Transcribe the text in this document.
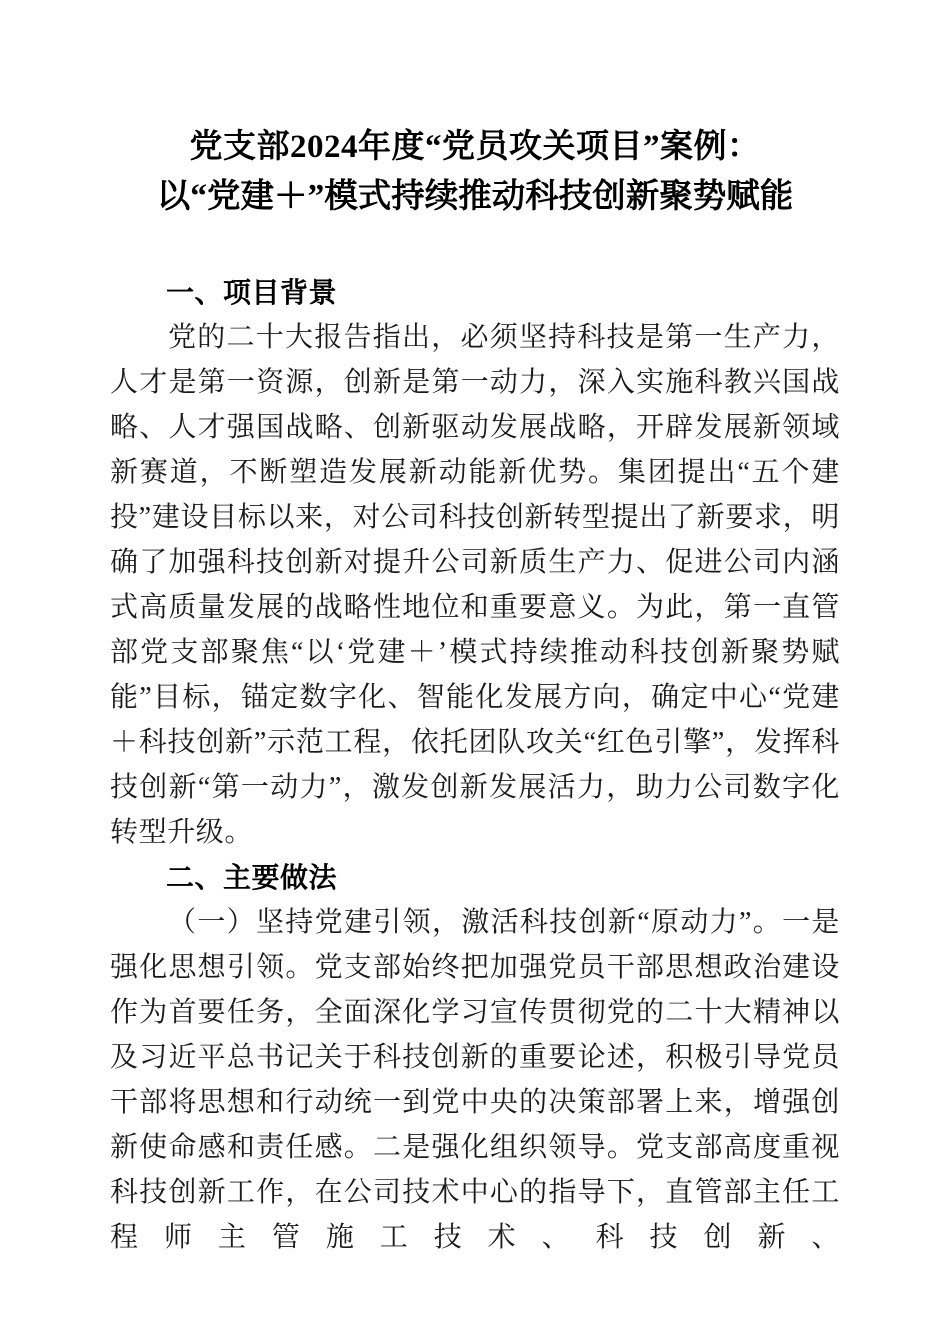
党支部2024年度“党员攻关项目”案例：
以“党建＋”模式持续推动科技创新聚势赋能
一、项目背景

党的二十大报告指出，必须坚持科技是第一生产力，人才是第一资源，创新是第一动力，深入实施科教兴国战略、人才强国战略、创新驱动发展战略，开辟发展新领域新赛道，不断塑造发展新动能新优势。集团提出“五个建投”建设目标以来，对公司科技创新转型提出了新要求，明确了加强科技创新对提升公司新质生产力、促进公司内涵式高质量发展的战略性地位和重要意义。为此，第一直管部党支部聚焦“以‘党建＋’模式持续推动科技创新聚势赋能”目标，锚定数字化、智能化发展方向，确定中心“党建＋科技创新”示范工程，依托团队攻关“红色引擎”，发挥科技创新“第一动力”，激发创新发展活力，助力公司数字化转型升级。

二、主要做法

（一）坚持党建引领，激活科技创新“原动力”。一是强化思想引领。党支部始终把加强党员干部思想政治建设作为首要任务，全面深化学习宣传贯彻党的二十大精神以及习近平总书记关于科技创新的重要论述，积极引导党员干部将思想和行动统一到党中央的决策部署上来，增强创新使命感和责任感。二是强化组织领导。党支部高度重视科技创新工作，在公司技术中心的指导下，直管部主任工程师主管施工技术、科技创新、
